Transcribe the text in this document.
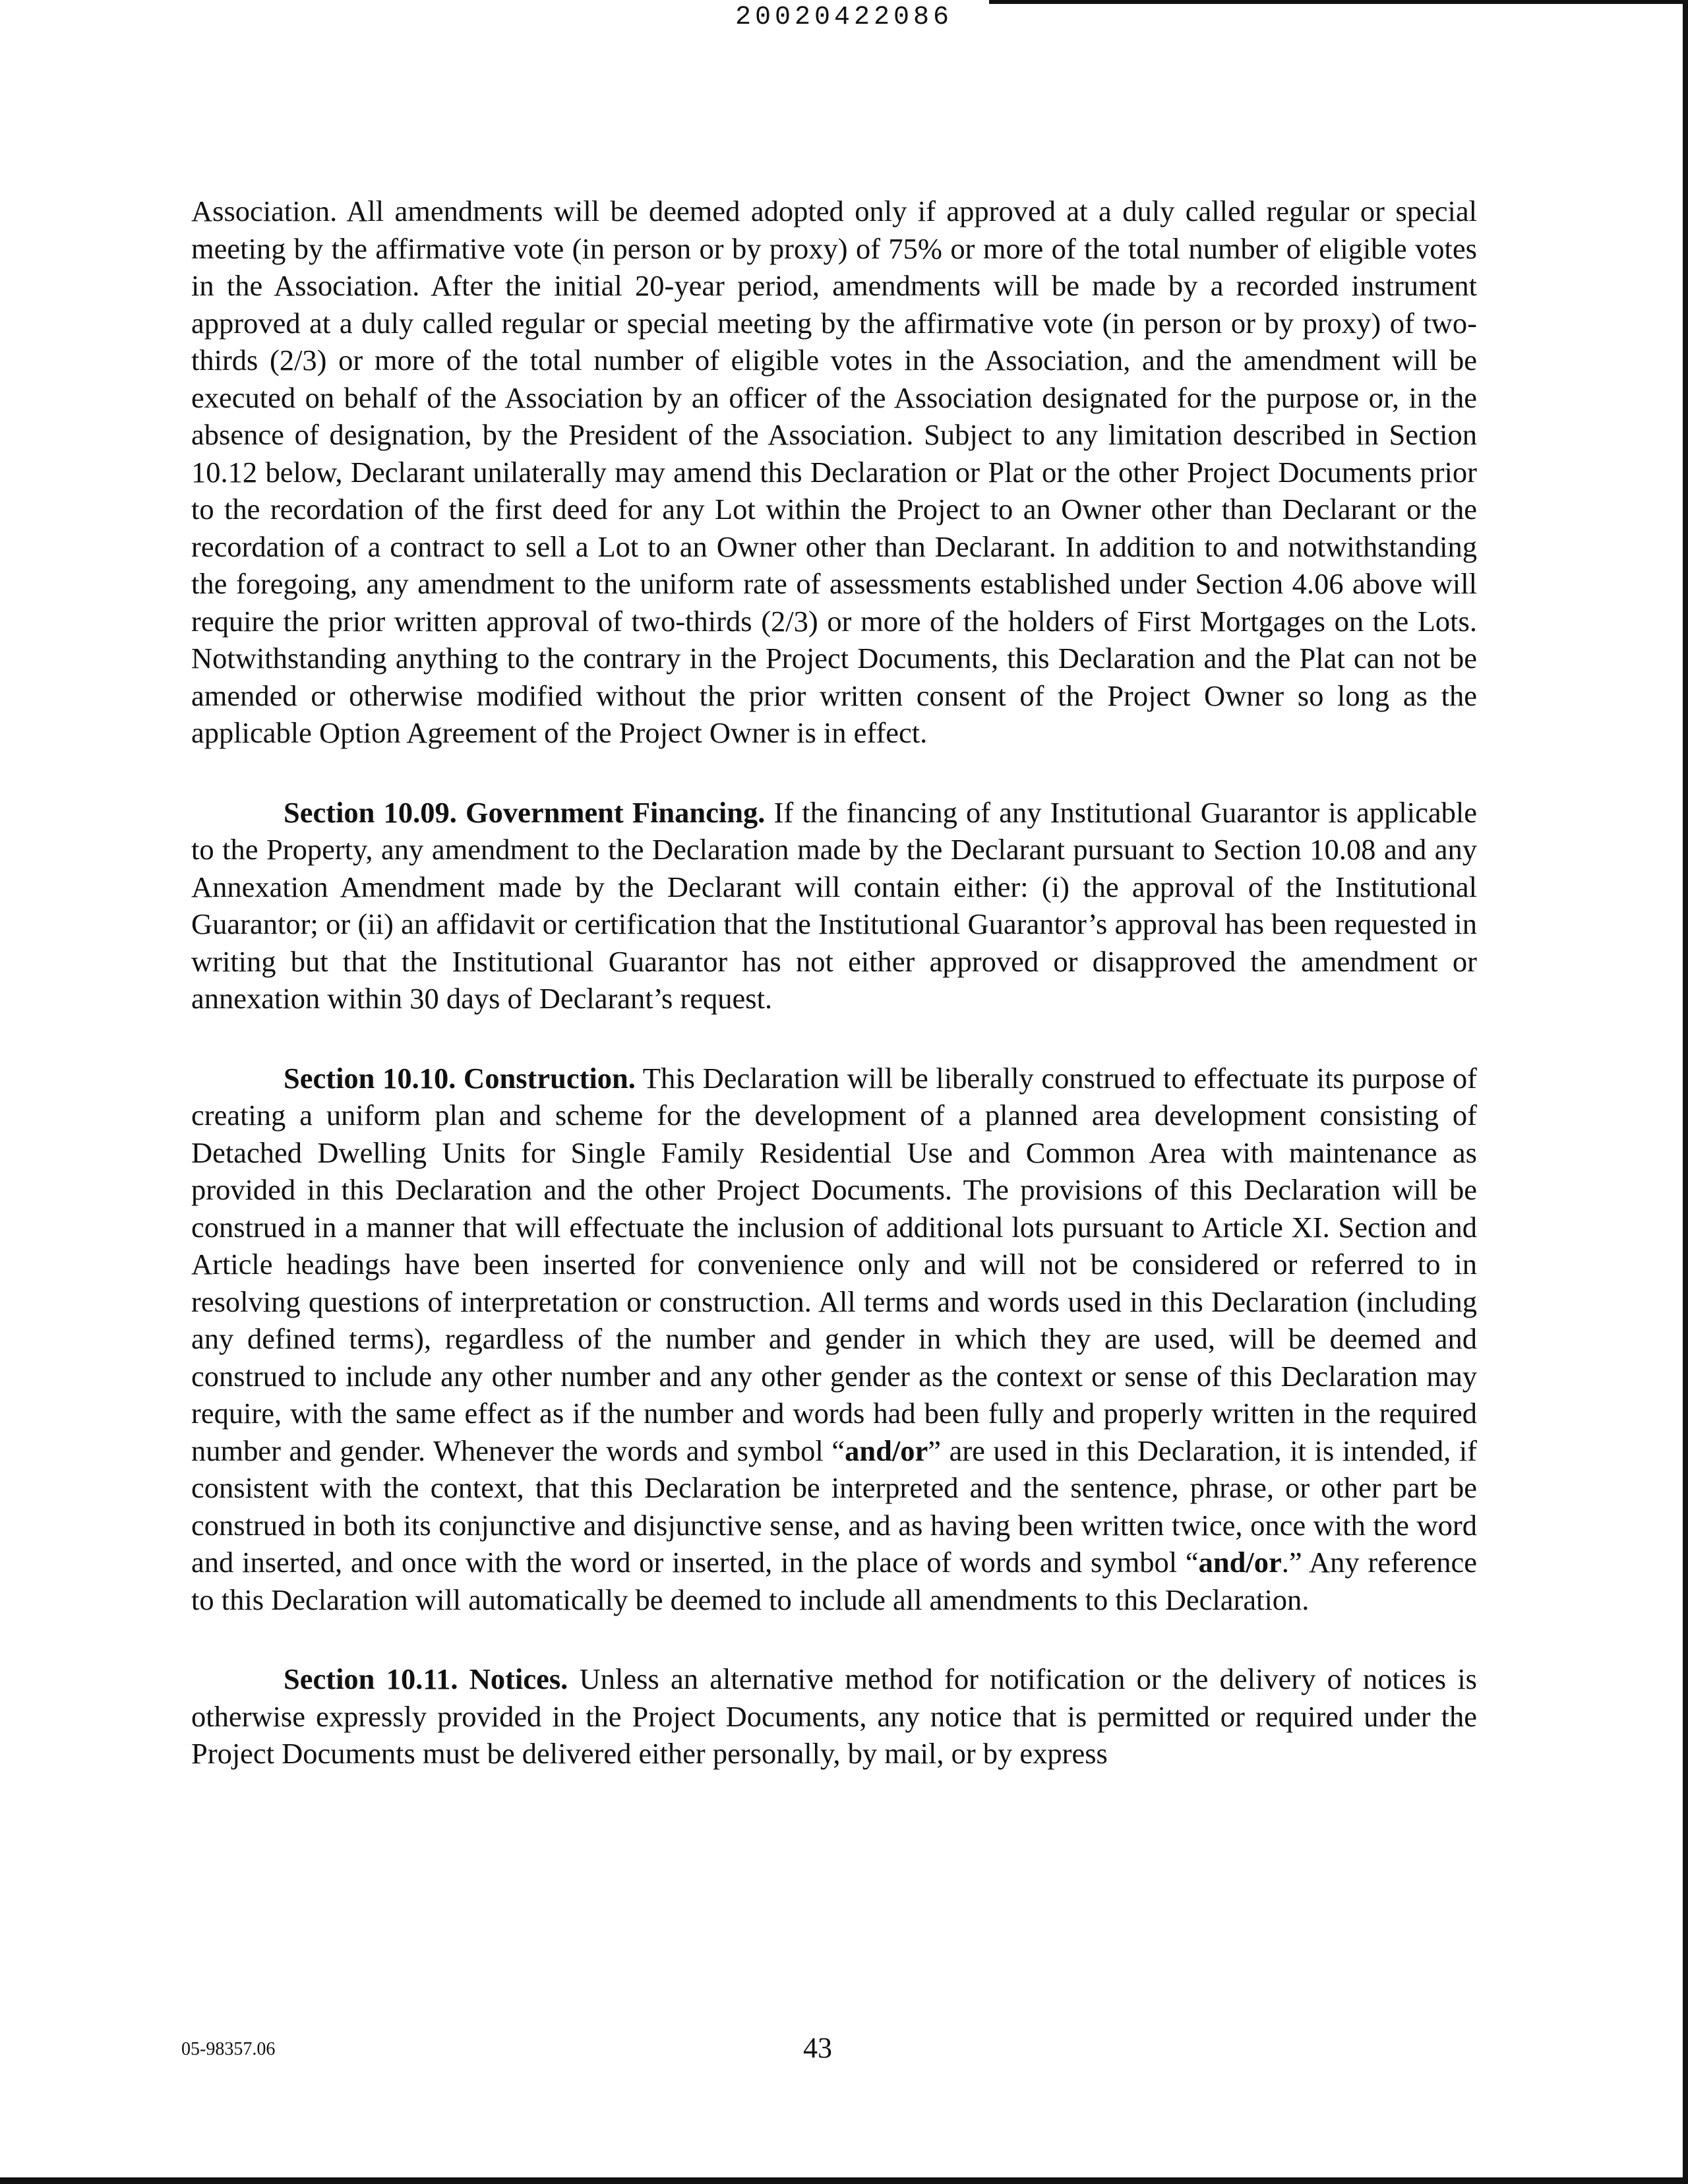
20020422086

Association. All amendments will be deemed adopted only if approved at a duly called regular or special meeting by the affirmative vote (in person or by proxy) of 75% or more of the total number of eligible votes in the Association. After the initial 20-year period, amendments will be made by a recorded instrument approved at a duly called regular or special meeting by the affirmative vote (in person or by proxy) of two-thirds (2/3) or more of the total number of eligible votes in the Association, and the amendment will be executed on behalf of the Association by an officer of the Association designated for the purpose or, in the absence of designation, by the President of the Association. Subject to any limitation described in Section 10.12 below, Declarant unilaterally may amend this Declaration or Plat or the other Project Documents prior to the recordation of the first deed for any Lot within the Project to an Owner other than Declarant or the recordation of a contract to sell a Lot to an Owner other than Declarant. In addition to and notwithstanding the foregoing, any amendment to the uniform rate of assessments established under Section 4.06 above will require the prior written approval of two-thirds (2/3) or more of the holders of First Mortgages on the Lots. Notwithstanding anything to the contrary in the Project Documents, this Declaration and the Plat can not be amended or otherwise modified without the prior written consent of the Project Owner so long as the applicable Option Agreement of the Project Owner is in effect.

Section 10.09. Government Financing. If the financing of any Institutional Guarantor is applicable to the Property, any amendment to the Declaration made by the Declarant pursuant to Section 10.08 and any Annexation Amendment made by the Declarant will contain either: (i) the approval of the Institutional Guarantor; or (ii) an affidavit or certification that the Institutional Guarantor’s approval has been requested in writing but that the Institutional Guarantor has not either approved or disapproved the amendment or annexation within 30 days of Declarant’s request.

Section 10.10. Construction. This Declaration will be liberally construed to effectuate its purpose of creating a uniform plan and scheme for the development of a planned area development consisting of Detached Dwelling Units for Single Family Residential Use and Common Area with maintenance as provided in this Declaration and the other Project Documents. The provisions of this Declaration will be construed in a manner that will effectuate the inclusion of additional lots pursuant to Article XI. Section and Article headings have been inserted for convenience only and will not be considered or referred to in resolving questions of interpretation or construction. All terms and words used in this Declaration (including any defined terms), regardless of the number and gender in which they are used, will be deemed and construed to include any other number and any other gender as the context or sense of this Declaration may require, with the same effect as if the number and words had been fully and properly written in the required number and gender. Whenever the words and symbol “and/or” are used in this Declaration, it is intended, if consistent with the context, that this Declaration be interpreted and the sentence, phrase, or other part be construed in both its conjunctive and disjunctive sense, and as having been written twice, once with the word and inserted, and once with the word or inserted, in the place of words and symbol “and/or.” Any reference to this Declaration will automatically be deemed to include all amendments to this Declaration.

Section 10.11. Notices. Unless an alternative method for notification or the delivery of notices is otherwise expressly provided in the Project Documents, any notice that is permitted or required under the Project Documents must be delivered either personally, by mail, or by express

05-98357.06	43
